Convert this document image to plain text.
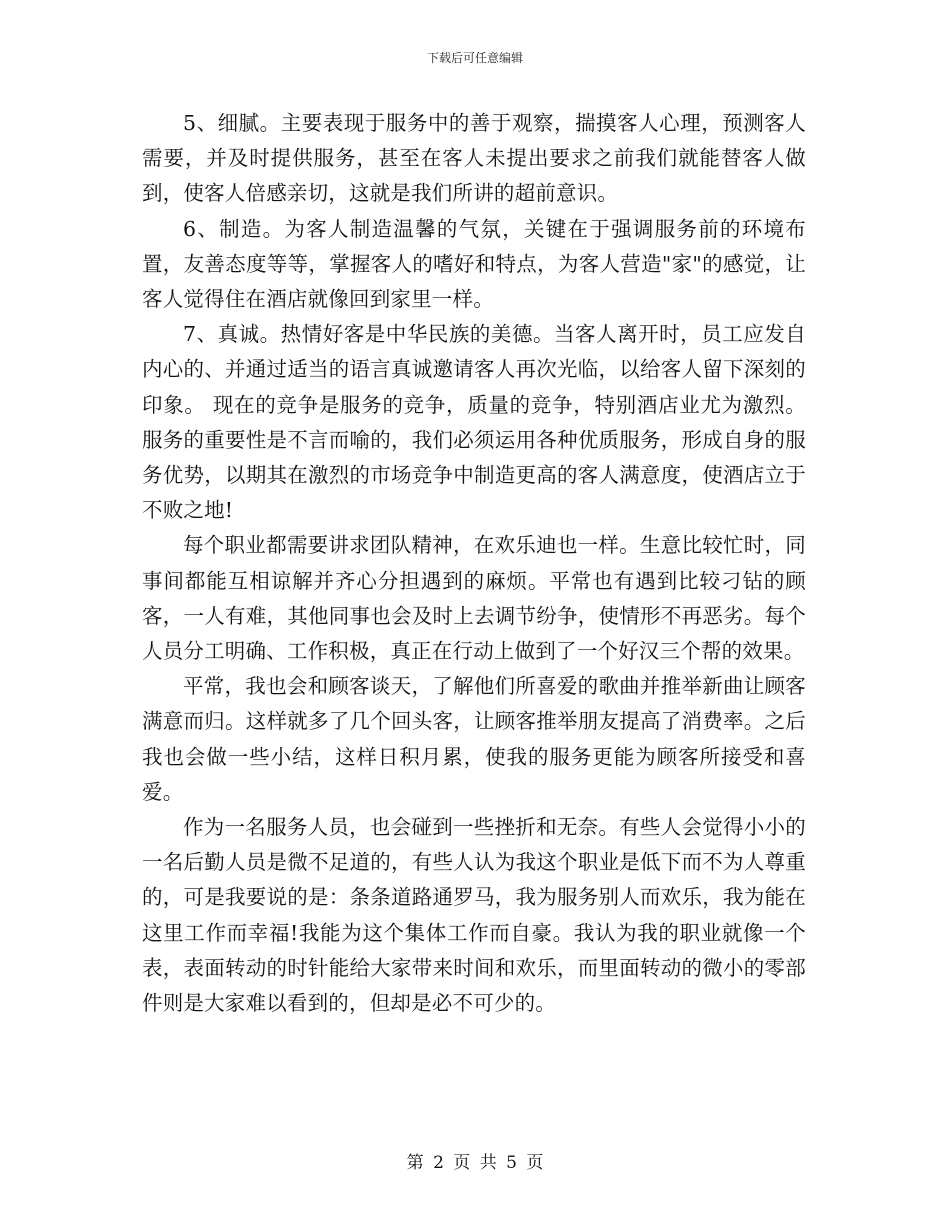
下载后可任意编辑

5、细腻。主要表现于服务中的善于观察，揣摸客人心理，预测客人需要，并及时提供服务，甚至在客人未提出要求之前我们就能替客人做到，使客人倍感亲切，这就是我们所讲的超前意识。

6、制造。为客人制造温馨的气氛，关键在于强调服务前的环境布置，友善态度等等，掌握客人的嗜好和特点，为客人营造"家"的感觉，让客人觉得住在酒店就像回到家里一样。

7、真诚。热情好客是中华民族的美德。当客人离开时，员工应发自内心的、并通过适当的语言真诚邀请客人再次光临，以给客人留下深刻的印象。 现在的竞争是服务的竞争，质量的竞争，特别酒店业尤为激烈。服务的重要性是不言而喻的，我们必须运用各种优质服务，形成自身的服务优势，以期其在激烈的市场竞争中制造更高的客人满意度，使酒店立于不败之地!

每个职业都需要讲求团队精神，在欢乐迪也一样。生意比较忙时，同事间都能互相谅解并齐心分担遇到的麻烦。平常也有遇到比较刁钻的顾客，一人有难，其他同事也会及时上去调节纷争，使情形不再恶劣。每个人员分工明确、工作积极，真正在行动上做到了一个好汉三个帮的效果。

平常，我也会和顾客谈天，了解他们所喜爱的歌曲并推举新曲让顾客满意而归。这样就多了几个回头客，让顾客推举朋友提高了消费率。之后我也会做一些小结，这样日积月累，使我的服务更能为顾客所接受和喜爱。

作为一名服务人员，也会碰到一些挫折和无奈。有些人会觉得小小的一名后勤人员是微不足道的，有些人认为我这个职业是低下而不为人尊重的，可是我要说的是：条条道路通罗马，我为服务别人而欢乐，我为能在这里工作而幸福!我能为这个集体工作而自豪。我认为我的职业就像一个表，表面转动的时针能给大家带来时间和欢乐，而里面转动的微小的零部件则是大家难以看到的，但却是必不可少的。

第 2 页 共 5 页
